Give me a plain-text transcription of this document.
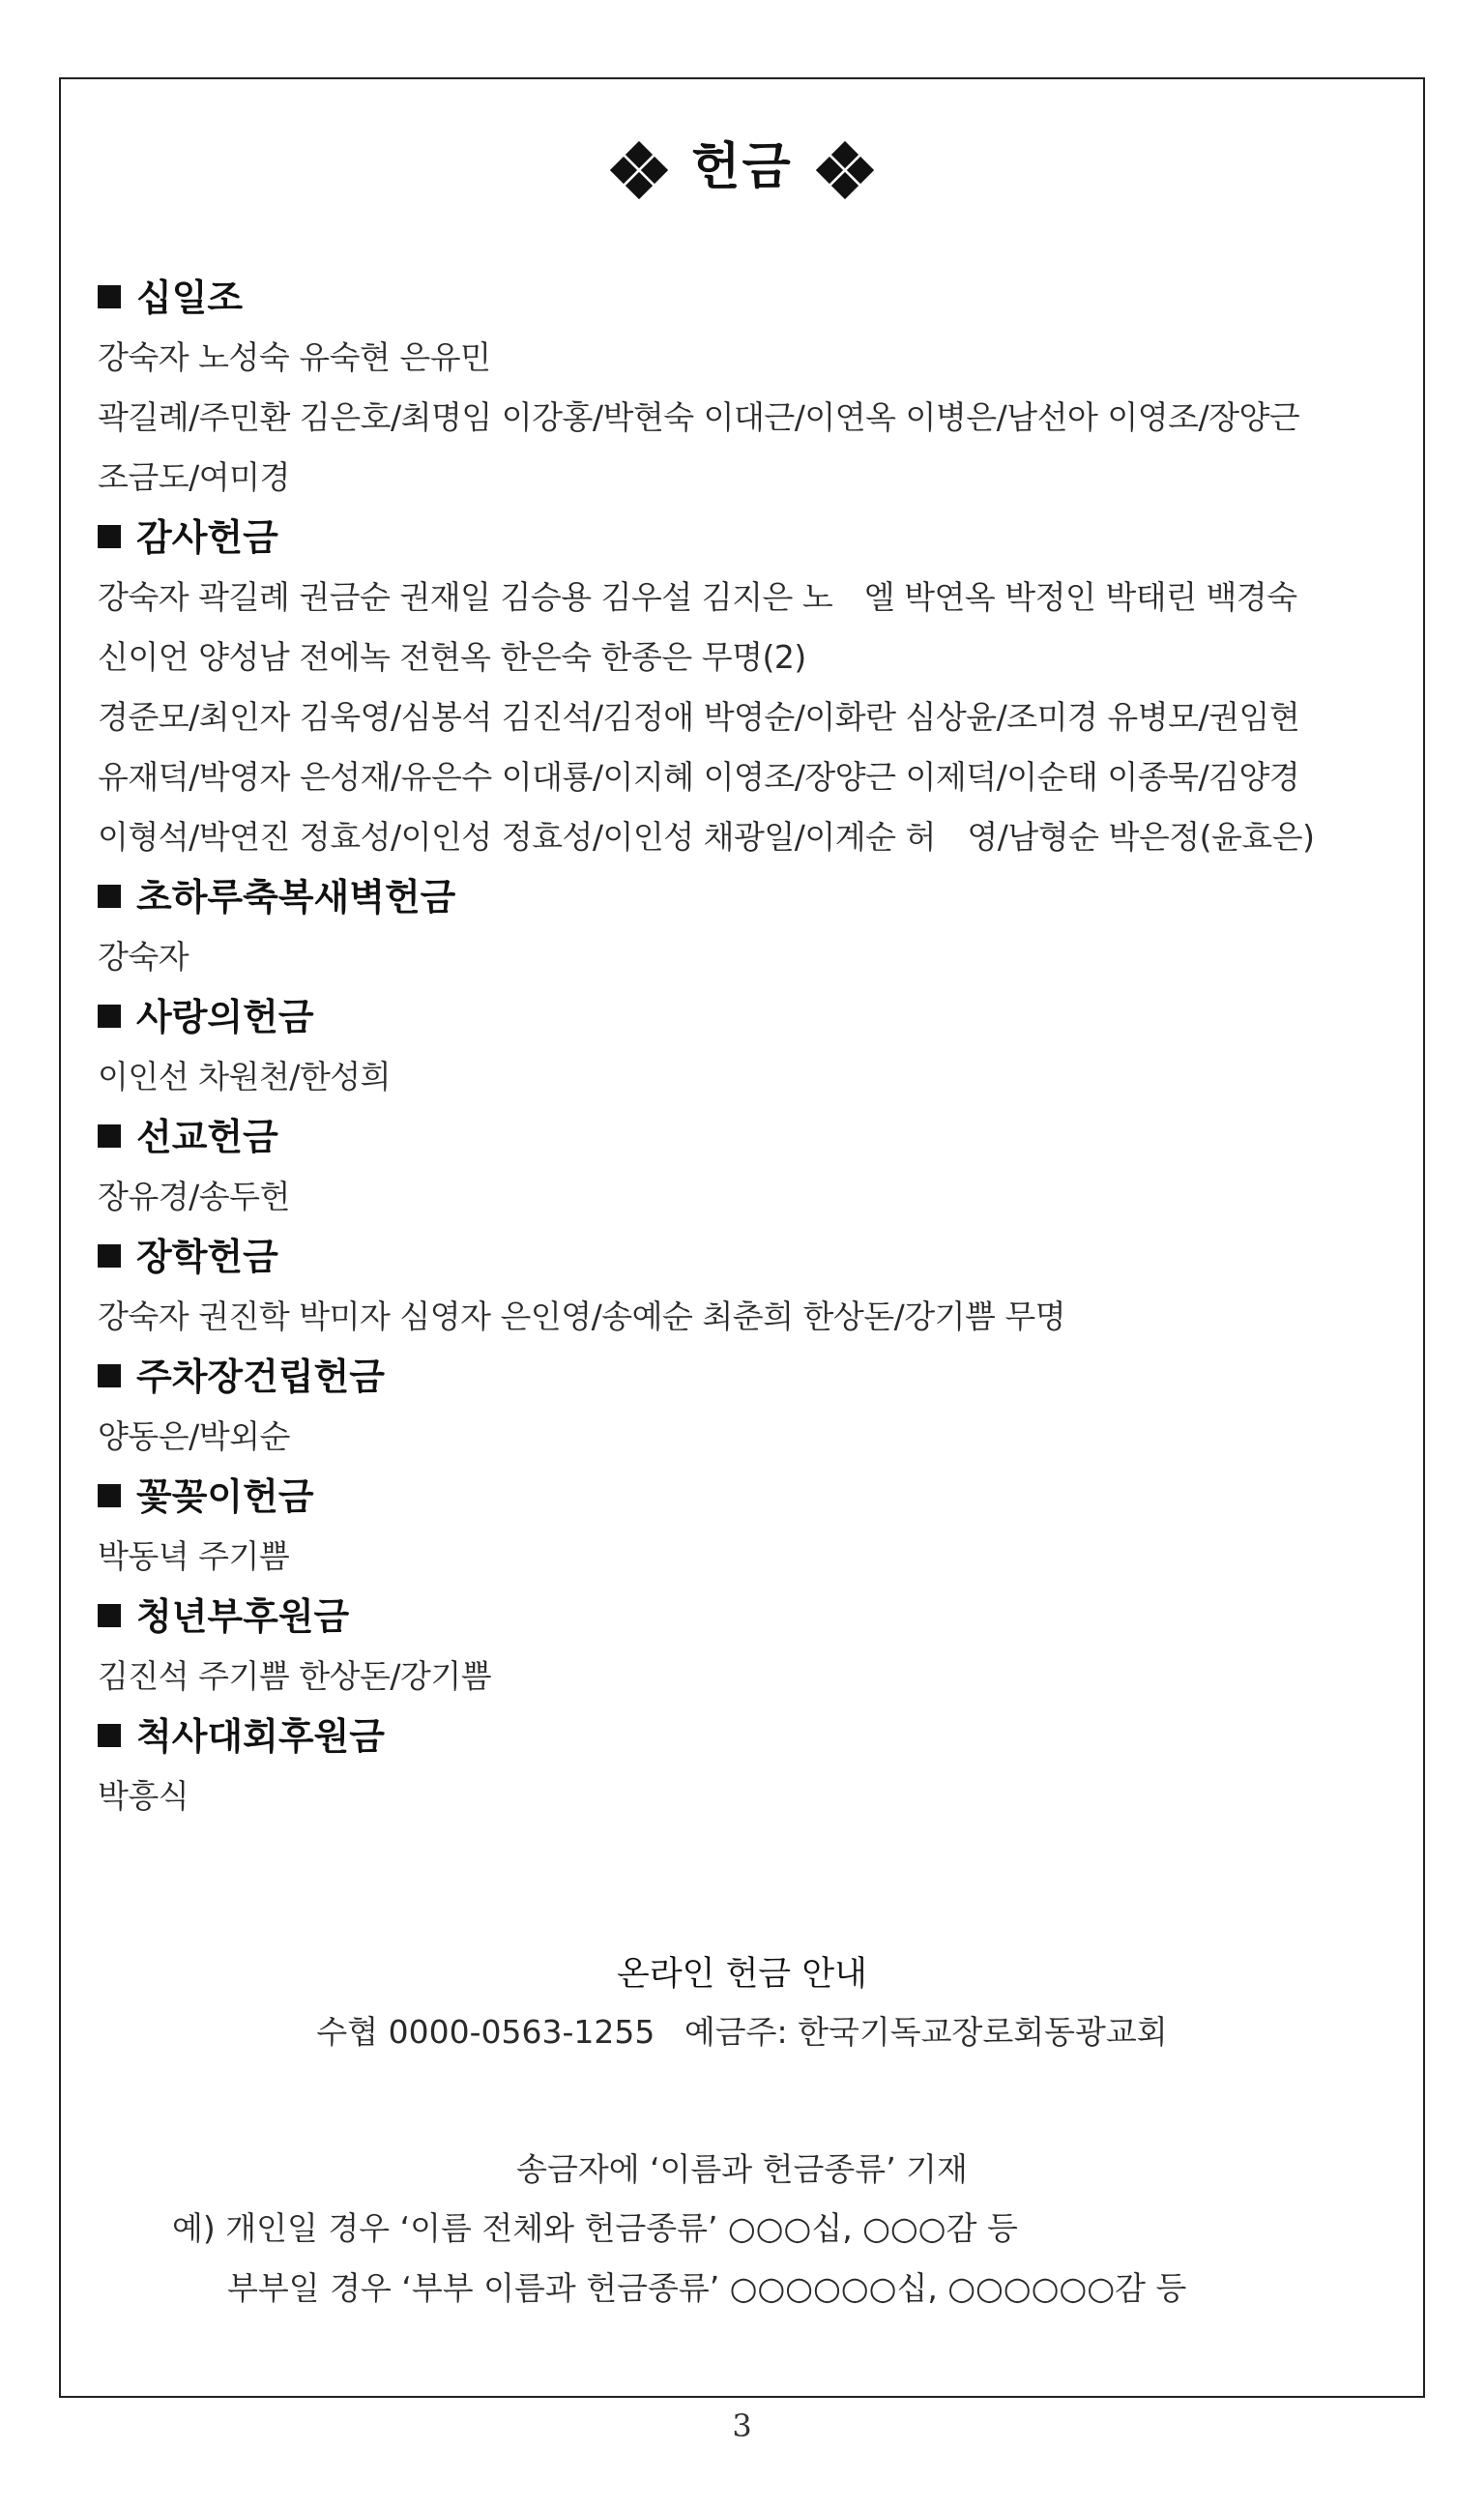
헌금
십일조
강숙자 노성숙 유숙현 은유민
곽길례/주민환 김은호/최명임 이강홍/박현숙 이대근/이연옥 이병은/남선아 이영조/장양근
조금도/여미경
감사헌금
강숙자 곽길례 권금순 권재일 김승용 김우설 김지은 노　엘 박연옥 박정인 박태린 백경숙
신이언 양성남 전에녹 전현옥 한은숙 한종은 무명(2)
경준모/최인자 김욱영/심봉석 김진석/김정애 박영순/이화란 심상윤/조미경 유병모/권임현
유재덕/박영자 은성재/유은수 이대룡/이지혜 이영조/장양근 이제덕/이순태 이종묵/김양경
이형석/박연진 정효성/이인성 정효성/이인성 채광일/이계순 허　영/남형순 박은정(윤효은)
초하루축복새벽헌금
강숙자
사랑의헌금
이인선 차원천/한성희
선교헌금
장유경/송두헌
장학헌금
강숙자 권진학 박미자 심영자 은인영/송예순 최춘희 한상돈/강기쁨 무명
주차장건립헌금
양동은/박외순
꽃꽂이헌금
박동녁 주기쁨
청년부후원금
김진석 주기쁨 한상돈/강기쁨
척사대회후원금
박흥식
온라인 헌금 안내
수협 0000-0563-1255 예금주: 한국기독교장로회동광교회
송금자에 ‘이름과 헌금종류’ 기재
예) 개인일 경우 ‘이름 전체와 헌금종류’ ○○○십, ○○○감 등
부부일 경우 ‘부부 이름과 헌금종류’ ○○○○○○십, ○○○○○○감 등
3
